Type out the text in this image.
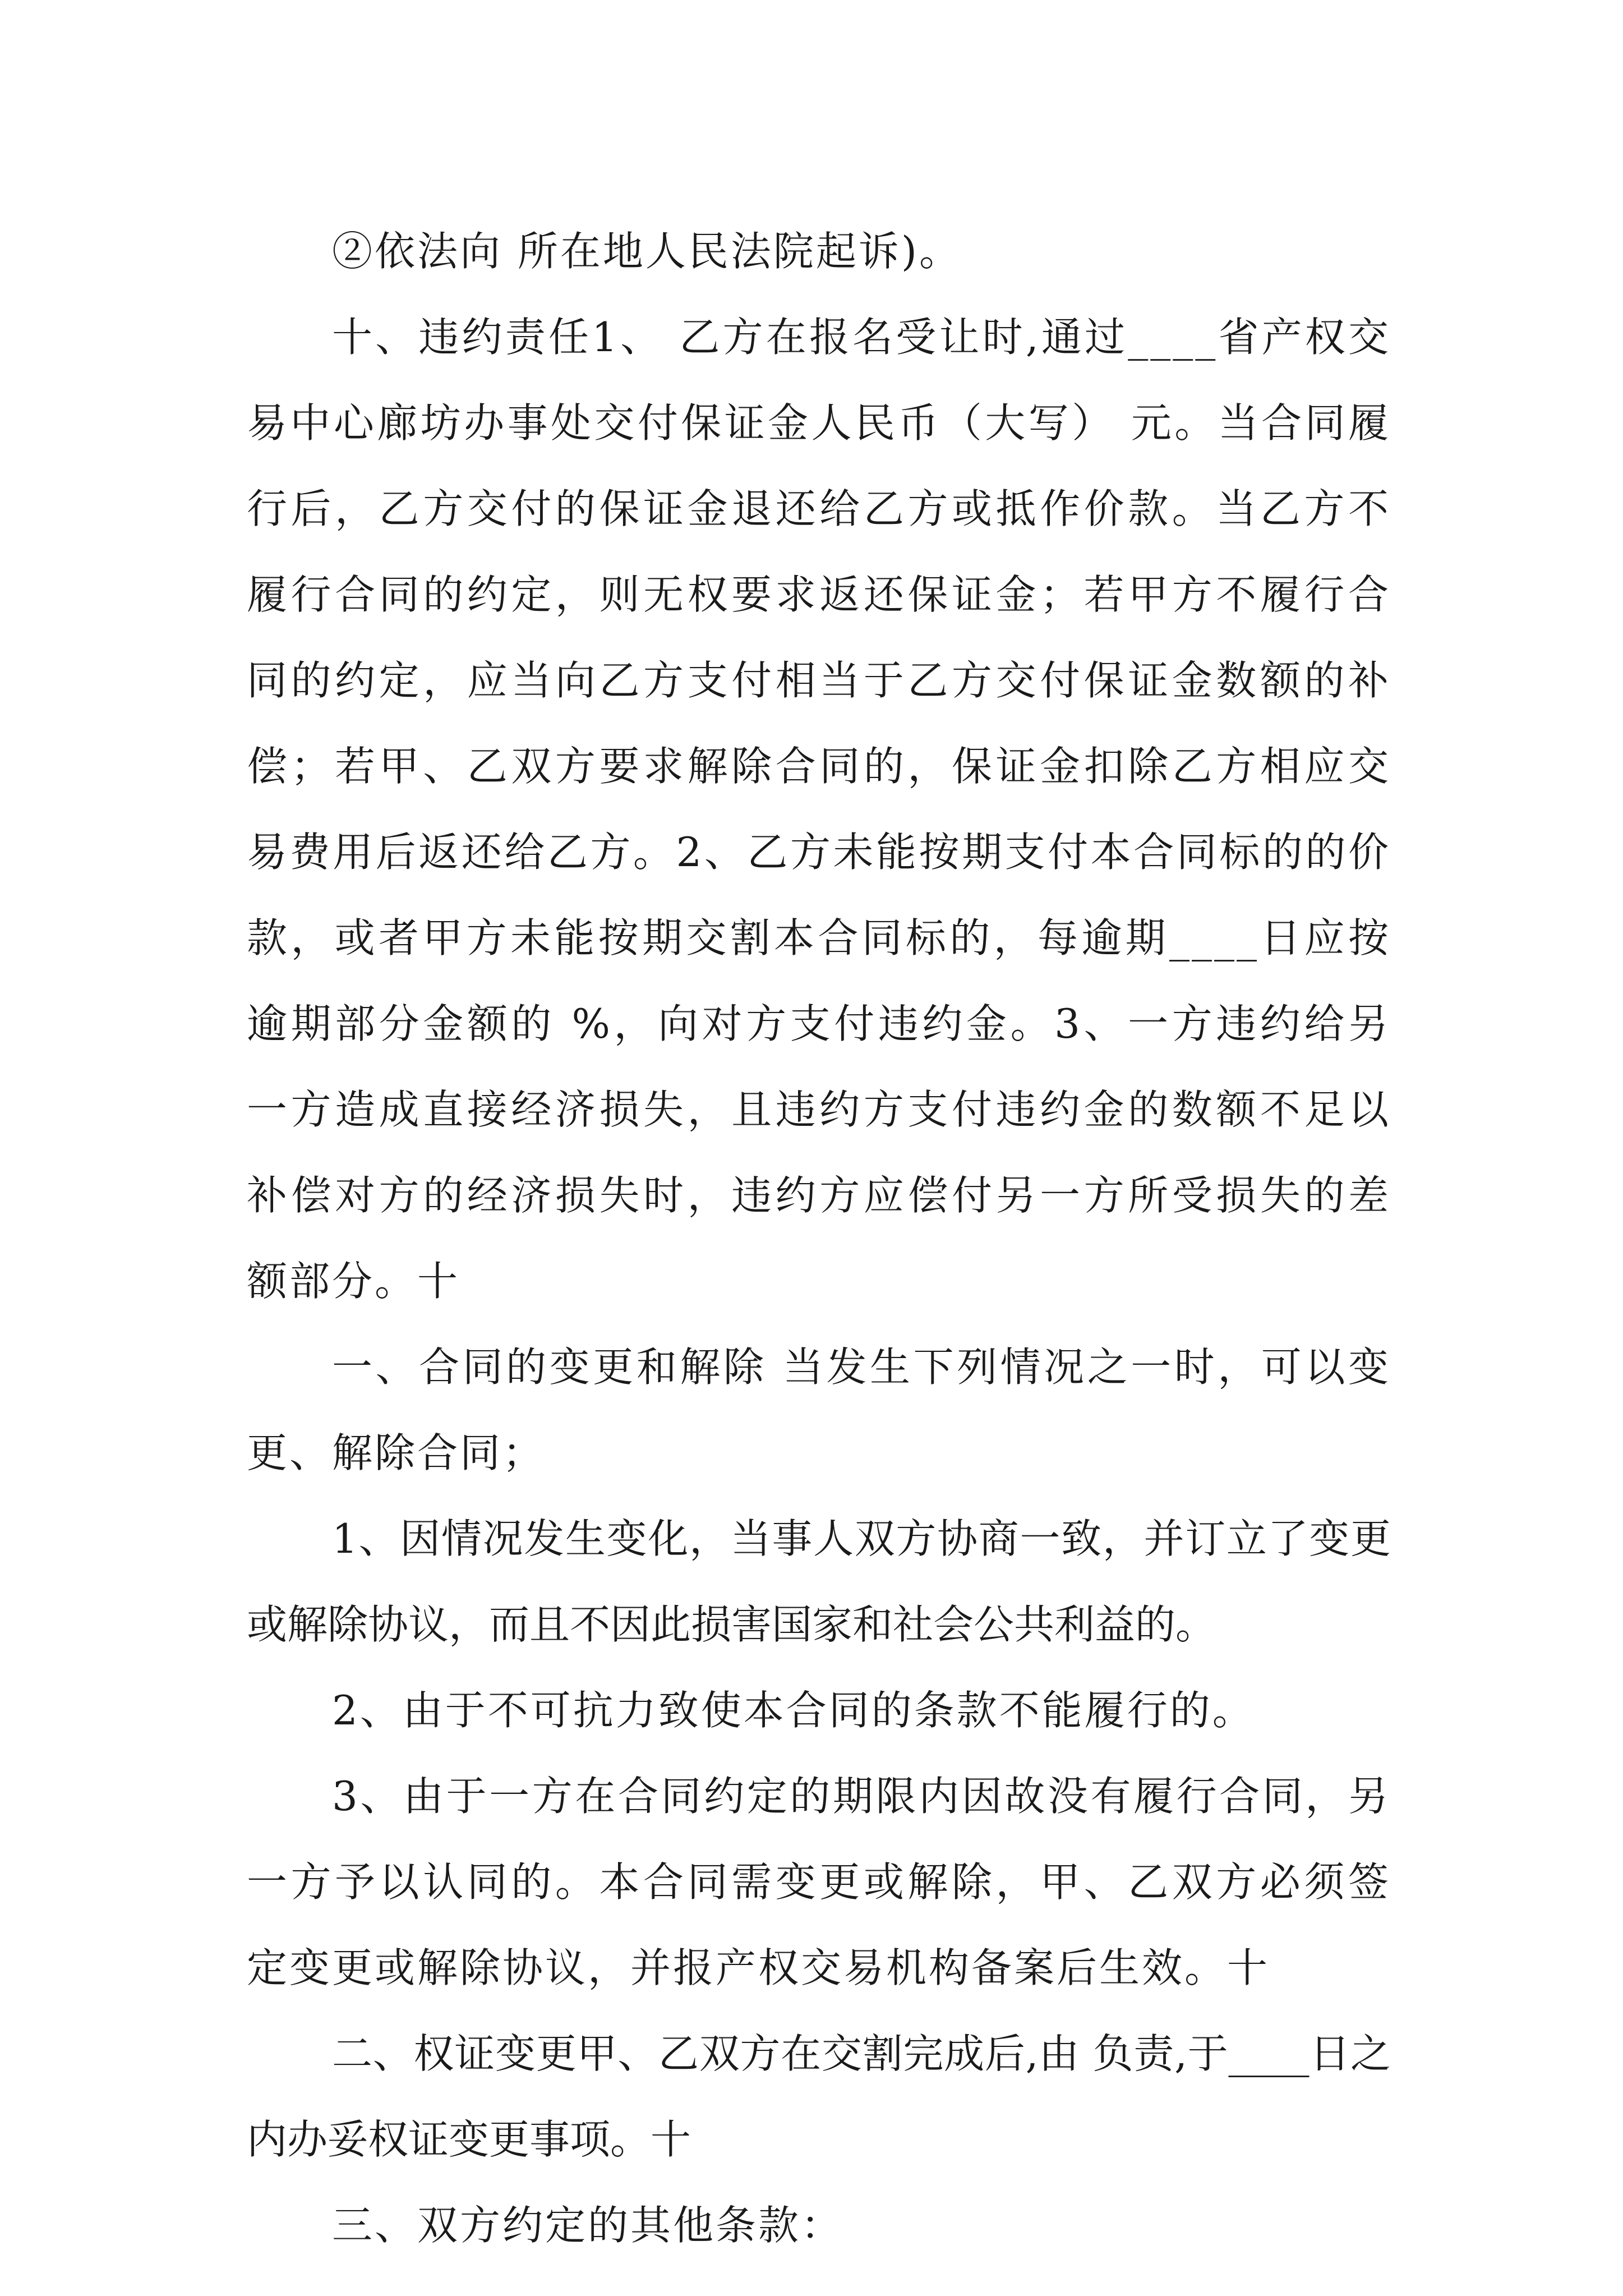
②依法向 所在地人民法院起诉)。

十、违约责任1、 乙方在报名受让时,通过____省产权交易中心廊坊办事处交付保证金人民币（大写） 元。当合同履行后，乙方交付的保证金退还给乙方或抵作价款。当乙方不履行合同的约定，则无权要求返还保证金；若甲方不履行合同的约定，应当向乙方支付相当于乙方交付保证金数额的补偿；若甲、乙双方要求解除合同的，保证金扣除乙方相应交易费用后返还给乙方。2、乙方未能按期支付本合同标的的价款，或者甲方未能按期交割本合同标的，每逾期____日应按逾期部分金额的 %，向对方支付违约金。3、一方违约给另一方造成直接经济损失，且违约方支付违约金的数额不足以补偿对方的经济损失时，违约方应偿付另一方所受损失的差额部分。十

一、合同的变更和解除 当发生下列情况之一时，可以变更、解除合同；

1、因情况发生变化，当事人双方协商一致，并订立了变更或解除协议，而且不因此损害国家和社会公共利益的。

2、由于不可抗力致使本合同的条款不能履行的。

3、由于一方在合同约定的期限内因故没有履行合同，另一方予以认同的。本合同需变更或解除，甲、乙双方必须签定变更或解除协议，并报产权交易机构备案后生效。十

二、权证变更甲、乙双方在交割完成后,由 负责,于____日之内办妥权证变更事项。十

三、双方约定的其他条款：
